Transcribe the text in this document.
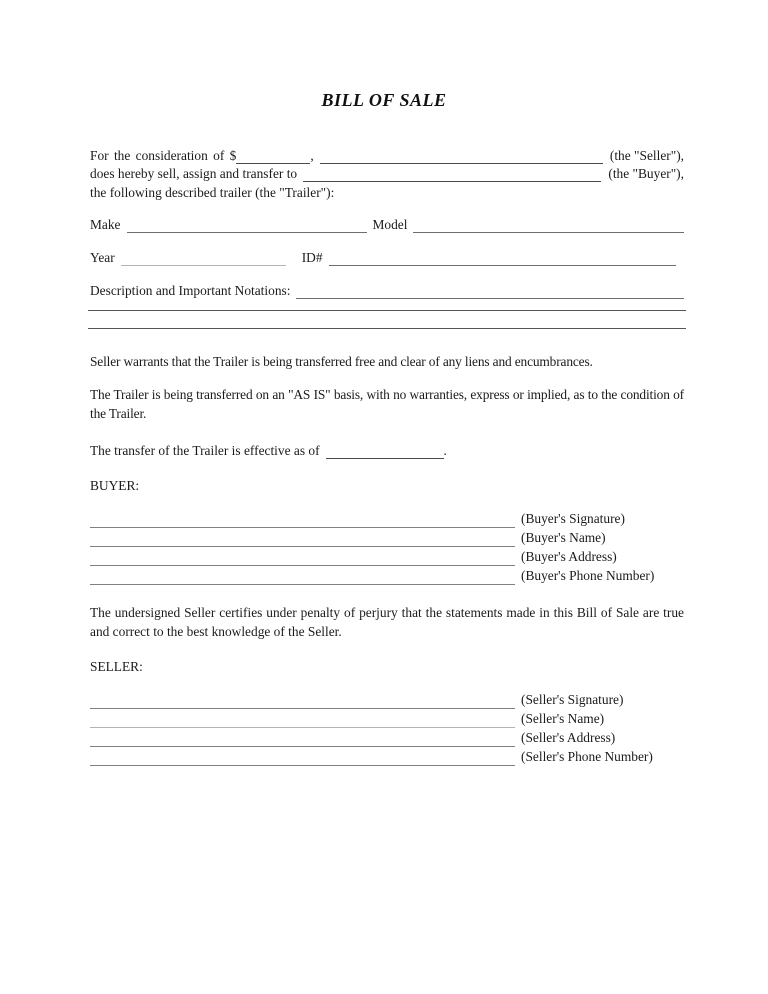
BILL OF SALE
For the consideration of $	,	(the "Seller"),
does hereby sell, assign and transfer to	(the "Buyer"),
the following described trailer (the "Trailer"):
Make	Model
Year	ID#
Description and Important Notations:

Seller warrants that the Trailer is being transferred free and clear of any liens and encumbrances.

The Trailer is being transferred on an "AS IS" basis, with no warranties, express or implied, as to the condition of the Trailer.

The transfer of the Trailer is effective as of	.
BUYER:
(Buyer's Signature)
(Buyer's Name)
(Buyer's Address)
(Buyer's Phone Number)

The undersigned Seller certifies under penalty of perjury that the statements made in this Bill of Sale are true and correct to the best knowledge of the Seller.

SELLER:
(Seller's Signature)
(Seller's Name)
(Seller's Address)
(Seller's Phone Number)
